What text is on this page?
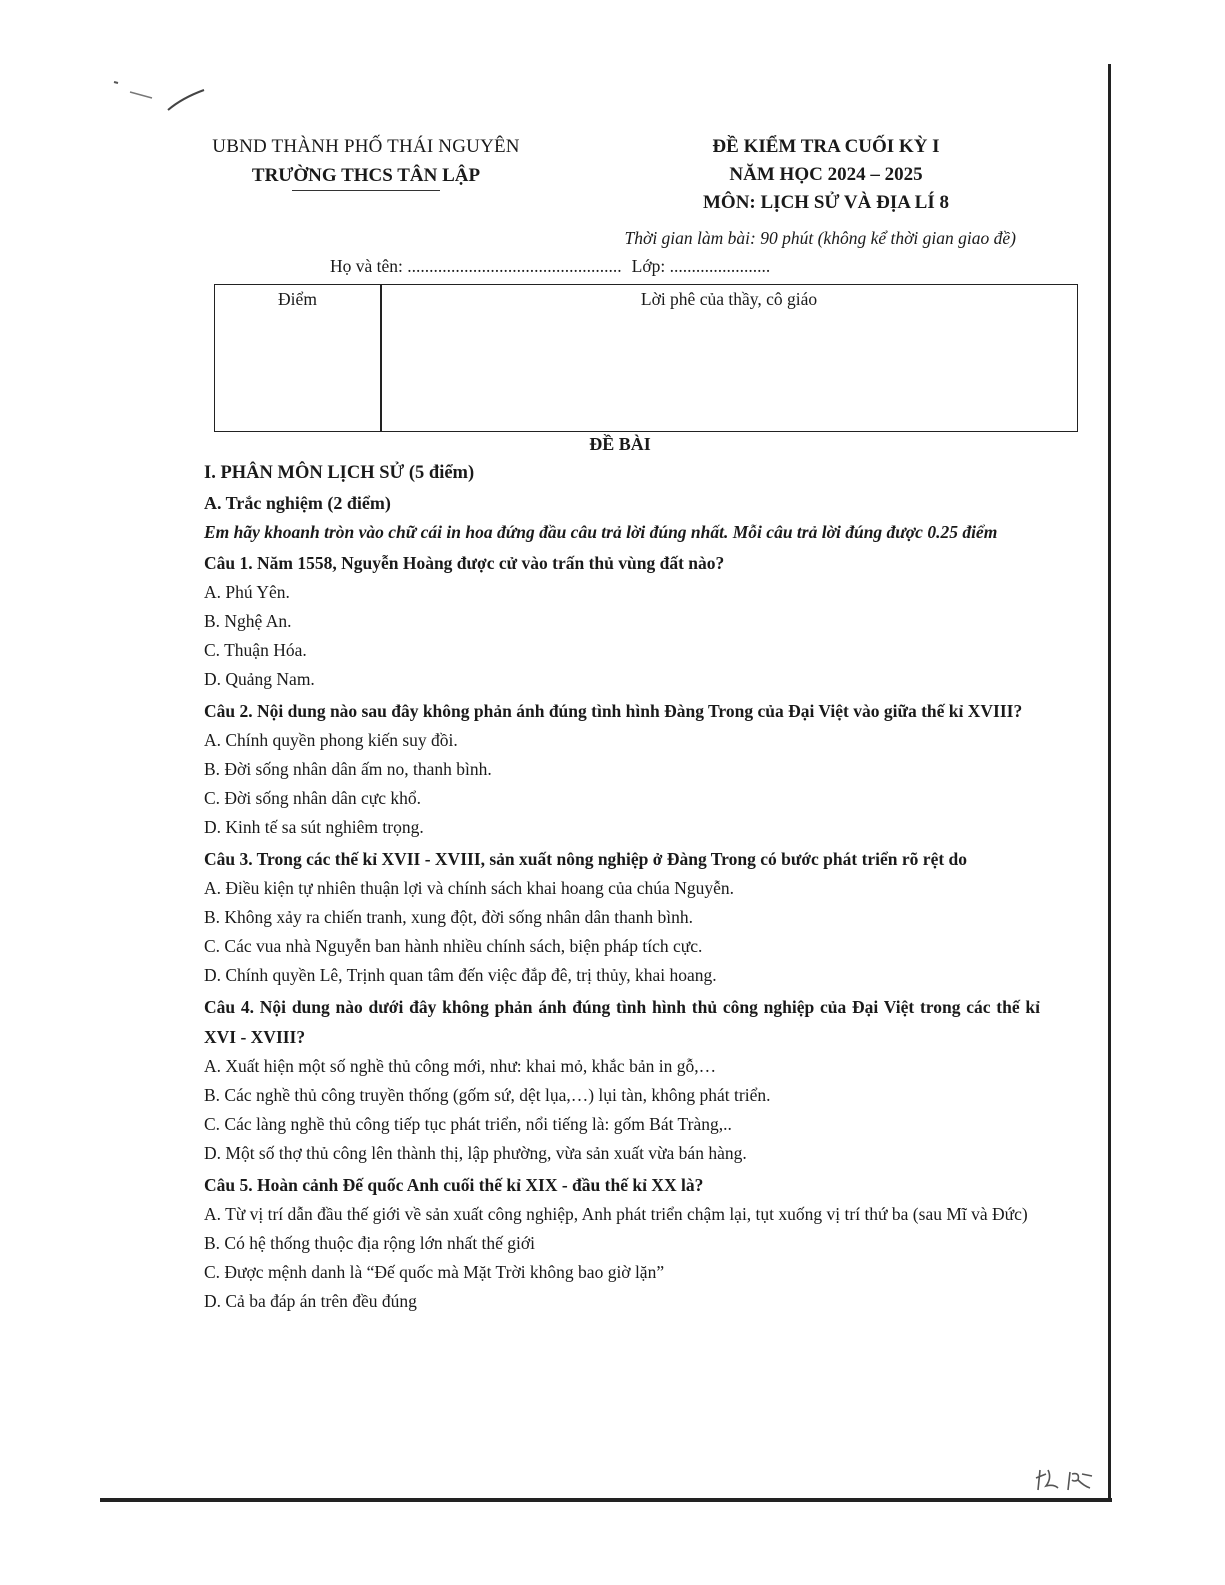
UBND THÀNH PHỐ THÁI NGUYÊN
TRƯỜNG THCS TÂN LẬP
ĐỀ KIỂM TRA CUỐI KỲ I
NĂM HỌC 2024 – 2025
MÔN: LỊCH SỬ VÀ ĐỊA LÍ 8
Thời gian làm bài: 90 phút (không kể thời gian giao đề)
Họ và tên: ................................................. Lớp: .......................
Điểm	Lời phê của thầy, cô giáo
ĐỀ BÀI
I. PHÂN MÔN LỊCH SỬ (5 điểm)
A. Trắc nghiệm (2 điểm)
Em hãy khoanh tròn vào chữ cái in hoa đứng đầu câu trả lời đúng nhất. Mỗi câu trả lời đúng được 0.25 điểm
Câu 1. Năm 1558, Nguyễn Hoàng được cử vào trấn thủ vùng đất nào?
A. Phú Yên.
B. Nghệ An.
C. Thuận Hóa.
D. Quảng Nam.
Câu 2. Nội dung nào sau đây không phản ánh đúng tình hình Đàng Trong của Đại Việt vào giữa thế kỉ XVIII?
A. Chính quyền phong kiến suy đồi.
B. Đời sống nhân dân ấm no, thanh bình.
C. Đời sống nhân dân cực khổ.
D. Kinh tế sa sút nghiêm trọng.
Câu 3. Trong các thế kỉ XVII - XVIII, sản xuất nông nghiệp ở Đàng Trong có bước phát triển rõ rệt do
A. Điều kiện tự nhiên thuận lợi và chính sách khai hoang của chúa Nguyễn.
B. Không xảy ra chiến tranh, xung đột, đời sống nhân dân thanh bình.
C. Các vua nhà Nguyễn ban hành nhiều chính sách, biện pháp tích cực.
D. Chính quyền Lê, Trịnh quan tâm đến việc đắp đê, trị thủy, khai hoang.
Câu 4. Nội dung nào dưới đây không phản ánh đúng tình hình thủ công nghiệp của Đại Việt trong các thế kỉ XVI - XVIII?
A. Xuất hiện một số nghề thủ công mới, như: khai mỏ, khắc bản in gỗ,…
B. Các nghề thủ công truyền thống (gốm sứ, dệt lụa,…) lụi tàn, không phát triển.
C. Các làng nghề thủ công tiếp tục phát triển, nổi tiếng là: gốm Bát Tràng,..
D. Một số thợ thủ công lên thành thị, lập phường, vừa sản xuất vừa bán hàng.
Câu 5. Hoàn cảnh Đế quốc Anh cuối thế kỉ XIX - đầu thế kỉ XX là?
A. Từ vị trí dẫn đầu thế giới về sản xuất công nghiệp, Anh phát triển chậm lại, tụt xuống vị trí thứ ba (sau Mĩ và Đức)
B. Có hệ thống thuộc địa rộng lớn nhất thế giới
C. Được mệnh danh là “Đế quốc mà Mặt Trời không bao giờ lặn”
D. Cả ba đáp án trên đều đúng
